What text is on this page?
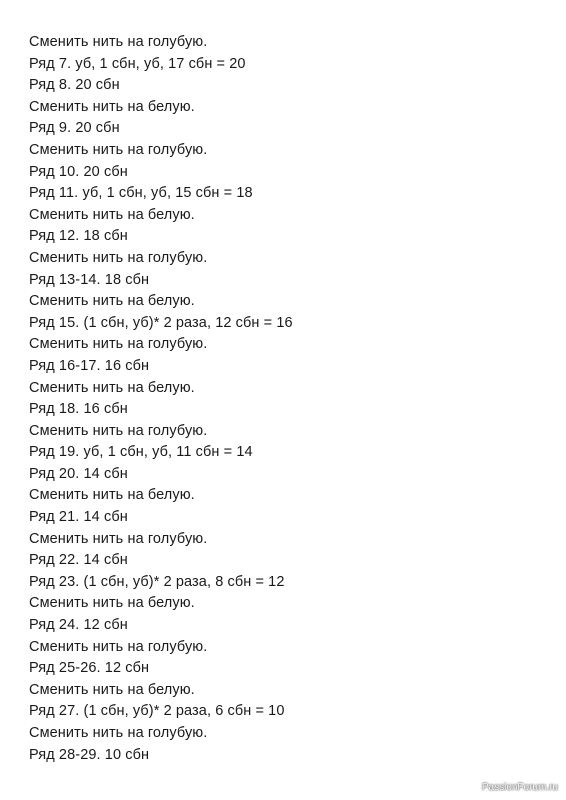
Сменить нить на голубую.
Ряд 7. уб, 1 сбн, уб, 17 сбн = 20
Ряд 8. 20 сбн
Сменить нить на белую.
Ряд 9. 20 сбн
Сменить нить на голубую.
Ряд 10. 20 сбн
Ряд 11. уб, 1 сбн, уб, 15 сбн = 18
Сменить нить на белую.
Ряд 12. 18 сбн
Сменить нить на голубую.
Ряд 13-14. 18 сбн
Сменить нить на белую.
Ряд 15. (1 сбн, уб)* 2 раза, 12 сбн = 16
Сменить нить на голубую.
Ряд 16-17. 16 сбн
Сменить нить на белую.
Ряд 18. 16 сбн
Сменить нить на голубую.
Ряд 19. уб, 1 сбн, уб, 11 сбн = 14
Ряд 20. 14 сбн
Сменить нить на белую.
Ряд 21. 14 сбн
Сменить нить на голубую.
Ряд 22. 14 сбн
Ряд 23. (1 сбн, уб)* 2 раза, 8 сбн = 12
Сменить нить на белую.
Ряд 24. 12 сбн
Сменить нить на голубую.
Ряд 25-26. 12 сбн
Сменить нить на белую.
Ряд 27. (1 сбн, уб)* 2 раза, 6 сбн = 10
Сменить нить на голубую.
Ряд 28-29. 10 сбн
PassionForum.ru
